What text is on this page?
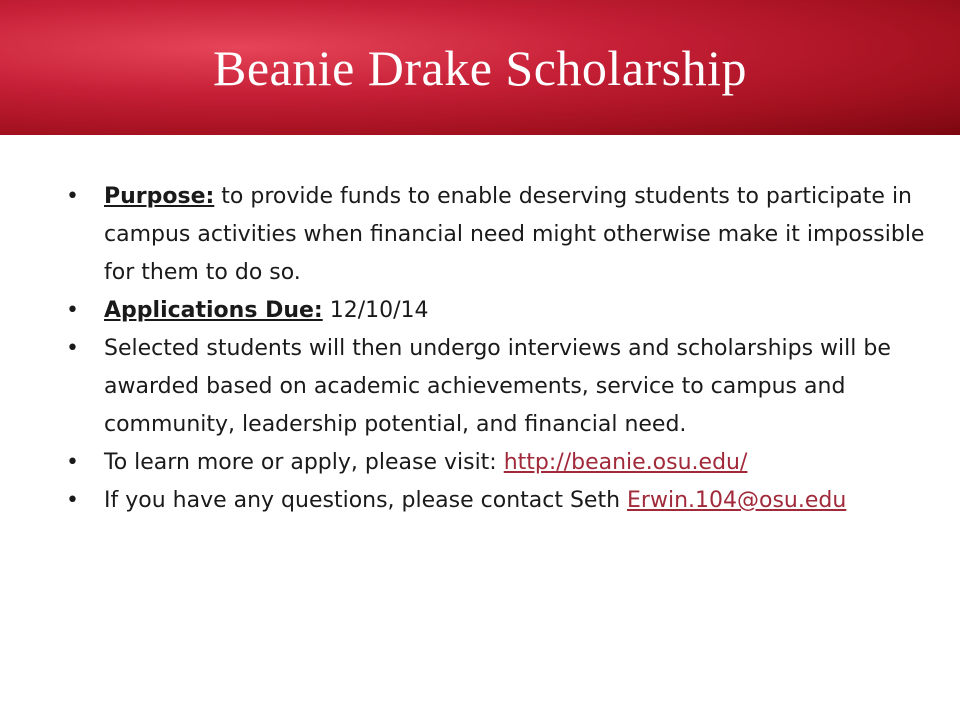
Beanie Drake Scholarship

• Purpose: to provide funds to enable deserving students to participate in campus activities when financial need might otherwise make it impossible for them to do so.

• Applications Due: 12/10/14

• Selected students will then undergo interviews and scholarships will be awarded based on academic achievements, service to campus and community, leadership potential, and financial need.

• To learn more or apply, please visit: http://beanie.osu.edu/

• If you have any questions, please contact Seth Erwin.104@osu.edu
